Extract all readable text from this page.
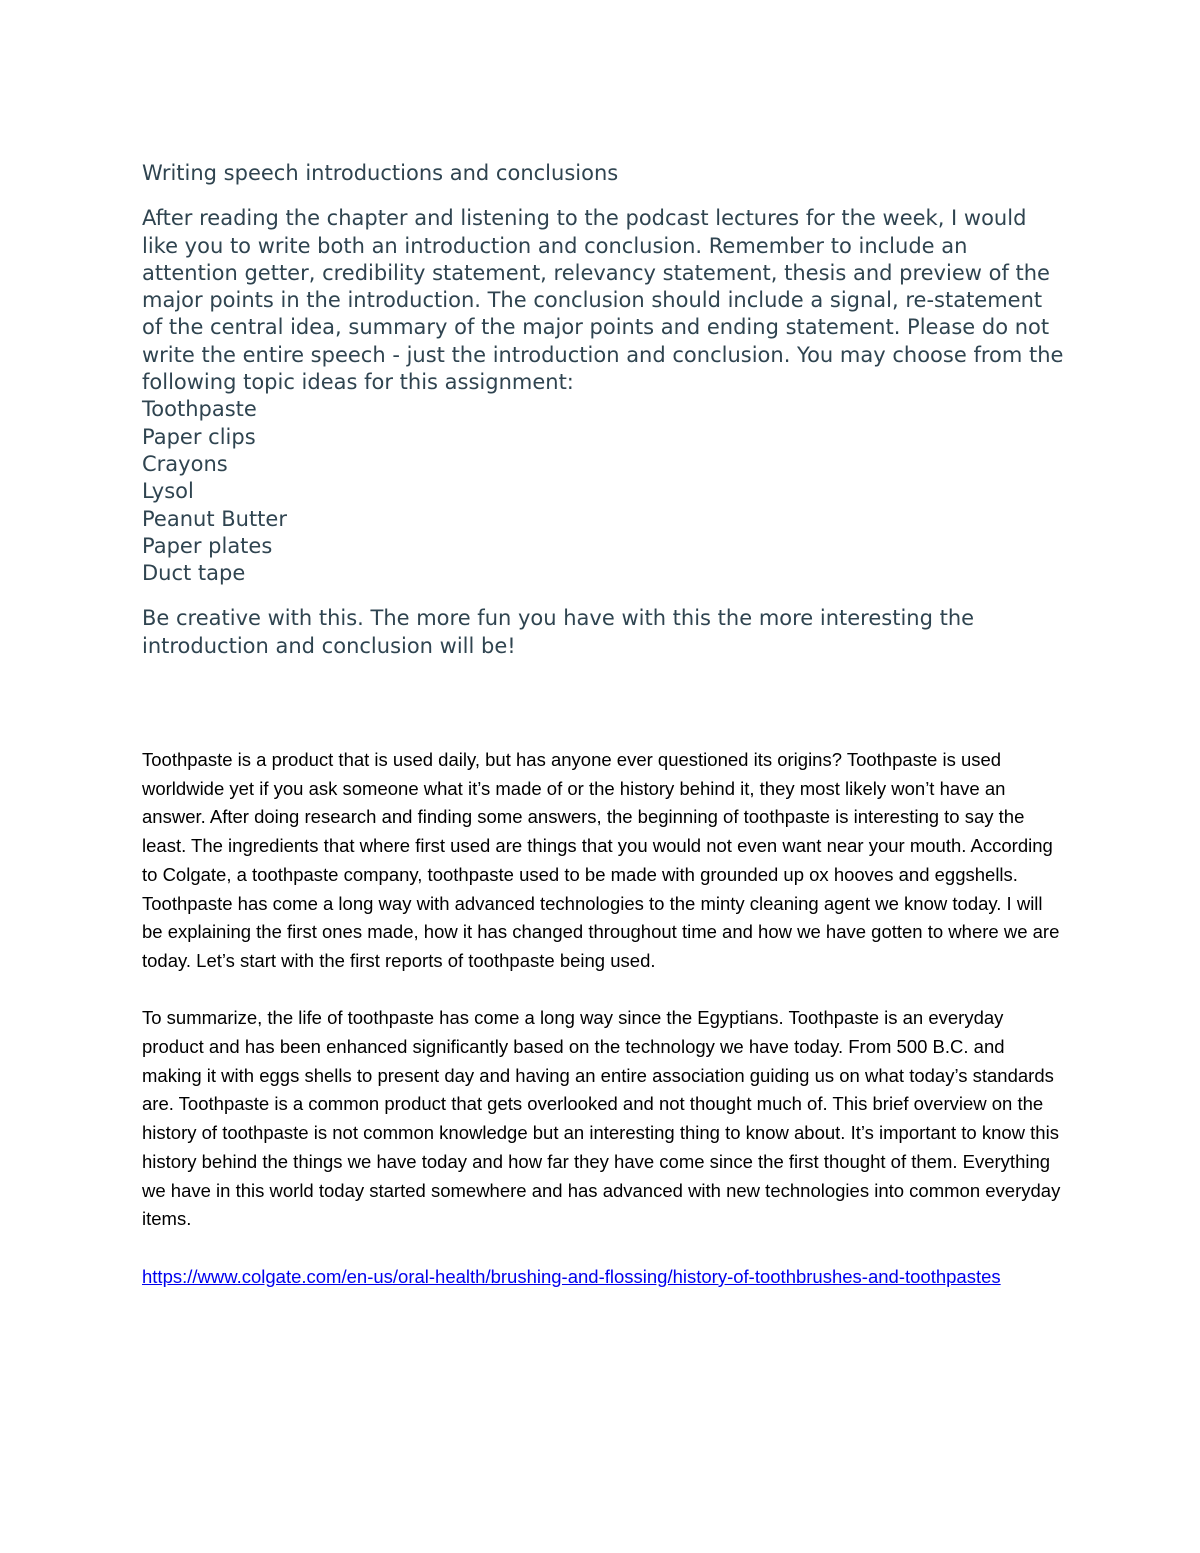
Writing speech introductions and conclusions

After reading the chapter and listening to the podcast lectures for the week, I would like you to write both an introduction and conclusion. Remember to include an attention getter, credibility statement, relevancy statement, thesis and preview of the major points in the introduction. The conclusion should include a signal, re-statement of the central idea, summary of the major points and ending statement. Please do not write the entire speech - just the introduction and conclusion. You may choose from the following topic ideas for this assignment:

Toothpaste
Paper clips
Crayons
Lysol
Peanut Butter
Paper plates
Duct tape

Be creative with this. The more fun you have with this the more interesting the introduction and conclusion will be!

Toothpaste is a product that is used daily, but has anyone ever questioned its origins? Toothpaste is used worldwide yet if you ask someone what it’s made of or the history behind it, they most likely won’t have an answer. After doing research and finding some answers, the beginning of toothpaste is interesting to say the least. The ingredients that where first used are things that you would not even want near your mouth. According to Colgate, a toothpaste company, toothpaste used to be made with grounded up ox hooves and eggshells. Toothpaste has come a long way with advanced technologies to the minty cleaning agent we know today. I will be explaining the first ones made, how it has changed throughout time and how we have gotten to where we are today. Let’s start with the first reports of toothpaste being used.

To summarize, the life of toothpaste has come a long way since the Egyptians. Toothpaste is an everyday product and has been enhanced significantly based on the technology we have today. From 500 B.C. and making it with eggs shells to present day and having an entire association guiding us on what today’s standards are. Toothpaste is a common product that gets overlooked and not thought much of. This brief overview on the history of toothpaste is not common knowledge but an interesting thing to know about. It’s important to know this history behind the things we have today and how far they have come since the first thought of them. Everything we have in this world today started somewhere and has advanced with new technologies into common everyday items.

https://www.colgate.com/en-us/oral-health/brushing-and-flossing/history-of-toothbrushes-and-toothpastes
